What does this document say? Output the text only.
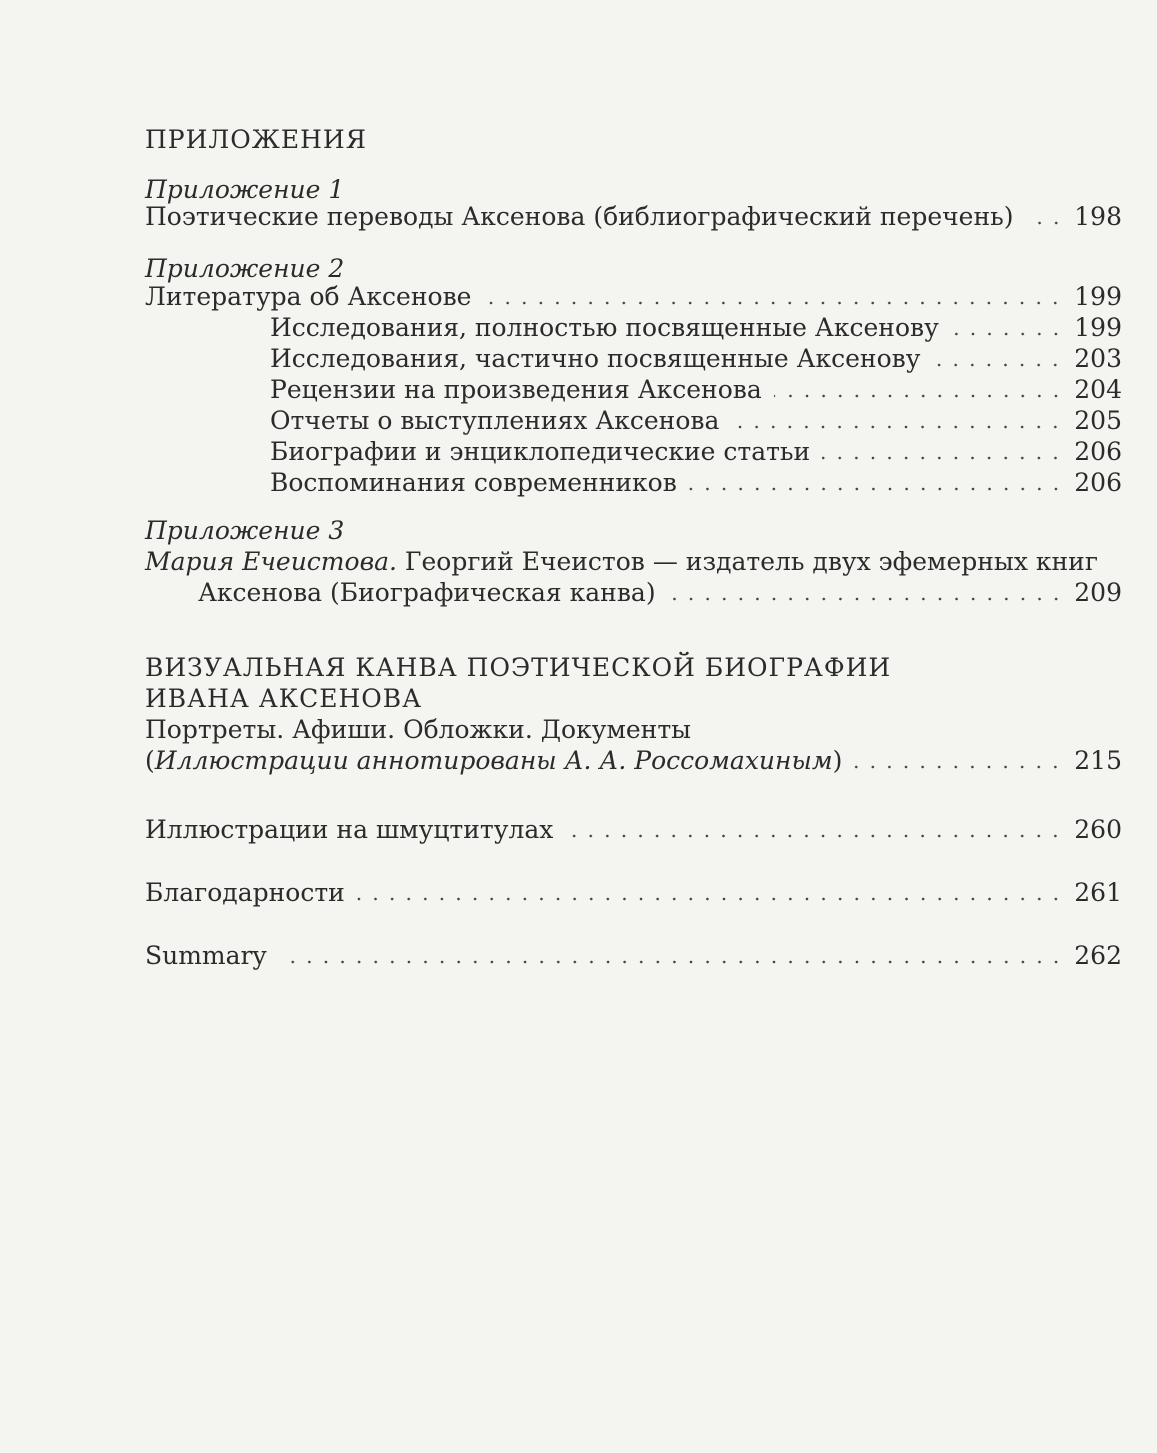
ПРИЛОЖЕНИЯ
Приложение 1
Поэтические переводы Аксенова (библиографический перечень) 198
Приложение 2
Литература об Аксенове	199
Исследования, полностью посвященные Аксенову	199
Исследования, частично посвященные Аксенову	203
Рецензии на произведения Аксенова	204
Отчеты о выступлениях Аксенова	205
Биографии и энциклопедические статьи	206
Воспоминания современников	206
Приложение 3
Мария Ечеистова. Георгий Ечеистов — издатель двух эфемерных книг
Аксенова (Биографическая канва)	209
ВИЗУАЛЬНАЯ КАНВА ПОЭТИЧЕСКОЙ БИОГРАФИИ
ИВАНА АКСЕНОВА
Портреты. Афиши. Обложки. Документы
(Иллюстрации аннотированы А. А. Россомахиным)	215
Иллюстрации на шмуцтитулах	260
Благодарности	261
Summary	262
